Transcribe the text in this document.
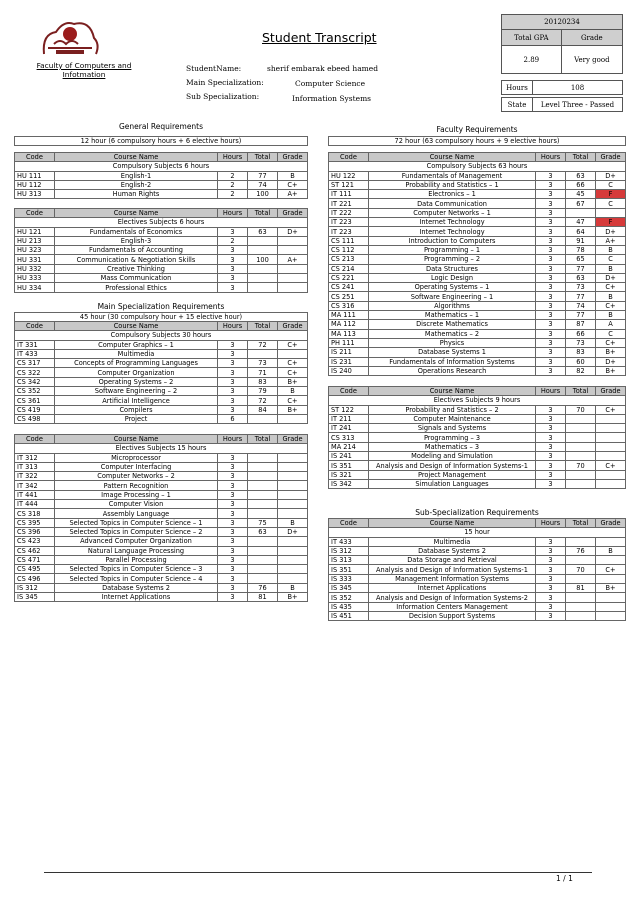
Faculty of Computers and Infotmation
Student Transcript
StudentName:	sherif embarak ebeed hamed
Main Specialization:	Computer Science
Sub Specialization:	Information Systems
20120234	
Total GPA	Grade
2.89	Very good
Hours	108
State	Level Three - Passed
General Requirements
12 hour (6 compulsory hours + 6 elective hours)
Code	Course Name	Hours	Total	Grade
Compulsory Subjects 6 hours				
HU 111	English-1	2	77	B
HU 112	English-2	2	74	C+
HU 313	Human Rights	2	100	A+
Code	Course Name	Hours	Total	Grade
Electives Subjects 6 hours				
HU 121	Fundamentals of Economics	3	63	D+
HU 213	English-3	2		
HU 323	Fundamentals of Accounting	3		
HU 331	Communication & Negotiation Skills	3	100	A+
HU 332	Creative Thinking	3		
HU 333	Mass Communication	3		
HU 334	Professional Ethics	3		
Main Specialization Requirements
45 hour (30 compulsory hour + 15 elective hour)
Code	Course Name	Hours	Total	Grade
Compulsory Subjects 30 hours				
IT 331	Computer Graphics – 1	3	72	C+
IT 433	Multimedia	3		
CS 317	Concepts of Programming Languages	3	73	C+
CS 322	Computer Organization	3	71	C+
CS 342	Operating Systems – 2	3	83	B+
CS 352	Software Engineering – 2	3	79	B
CS 361	Artificial Intelligence	3	72	C+
CS 419	Compilers	3	84	B+
CS 498	Project	6		
Code	Course Name	Hours	Total	Grade
Electives Subjects 15 hours				
IT 312	Microprocessor	3		
IT 313	Computer Interfacing	3		
IT 322	Computer Networks – 2	3		
IT 342	Pattern Recognition	3		
IT 441	Image Processing – 1	3		
IT 444	Computer Vision	3		
CS 318	Assembly Language	3		
CS 395	Selected Topics in Computer Science – 1	3	75	B
CS 396	Selected Topics in Computer Science – 2	3	63	D+
CS 423	Advanced Computer Organization	3		
CS 462	Natural Language Processing	3		
CS 471	Parallel Processing	3		
CS 495	Selected Topics in Computer Science – 3	3		
CS 496	Selected Topics in Computer Science – 4	3		
IS 312	Database Systems 2	3	76	B
IS 345	Internet Applications	3	81	B+
Faculty Requirements
72 hour (63 compulsory hours + 9 elective hours)
Code	Course Name	Hours	Total	Grade
Compulsory Subjects 63 hours				
HU 122	Fundamentals of Management	3	63	D+
ST 121	Probability and Statistics – 1	3	66	C
IT 111	Electronics – 1	3	45	F
IT 221	Data Communication	3	67	C
IT 222	Computer Networks – 1	3		
IT 223	Internet Technology	3	47	F
IT 223	Internet Technology	3	64	D+
CS 111	Introduction to Computers	3	91	A+
CS 112	Programming – 1	3	78	B
CS 213	Programming – 2	3	65	C
CS 214	Data Structures	3	77	B
CS 221	Logic Design	3	63	D+
CS 241	Operating Systems – 1	3	73	C+
CS 251	Software Engineering – 1	3	77	B
CS 316	Algorithms	3	74	C+
MA 111	Mathematics – 1	3	77	B
MA 112	Discrete Mathematics	3	87	A
MA 113	Mathematics – 2	3	66	C
PH 111	Physics	3	73	C+
IS 211	Database Systems 1	3	83	B+
IS 231	Fundamentals of Information Systems	3	60	D+
IS 240	Operations Research	3	82	B+
Code	Course Name	Hours	Total	Grade
Electives Subjects 9 hours				
ST 122	Probability and Statistics – 2	3	70	C+
IT 211	Computer Maintenance	3		
IT 241	Signals and Systems	3		
CS 313	Programming – 3	3		
MA 214	Mathematics – 3	3		
IS 241	Modeling and Simulation	3		
IS 351	Analysis and Design of Information Systems-1	3	70	C+
IS 321	Project Management	3		
IS 342	Simulation Languages	3		
Sub-Specialization Requirements
Code	Course Name	Hours	Total	Grade
15 hour				
IT 433	Multimedia	3		
IS 312	Database Systems 2	3	76	B
IS 313	Data Storage and Retrieval	3		
IS 351	Analysis and Design of Information Systems-1	3	70	C+
IS 333	Management Information Systems	3		
IS 345	Internet Applications	3	81	B+
IS 352	Analysis and Design of Information Systems-2	3		
IS 435	Information Centers Management	3		
IS 451	Decision Support Systems	3		
1 / 1
